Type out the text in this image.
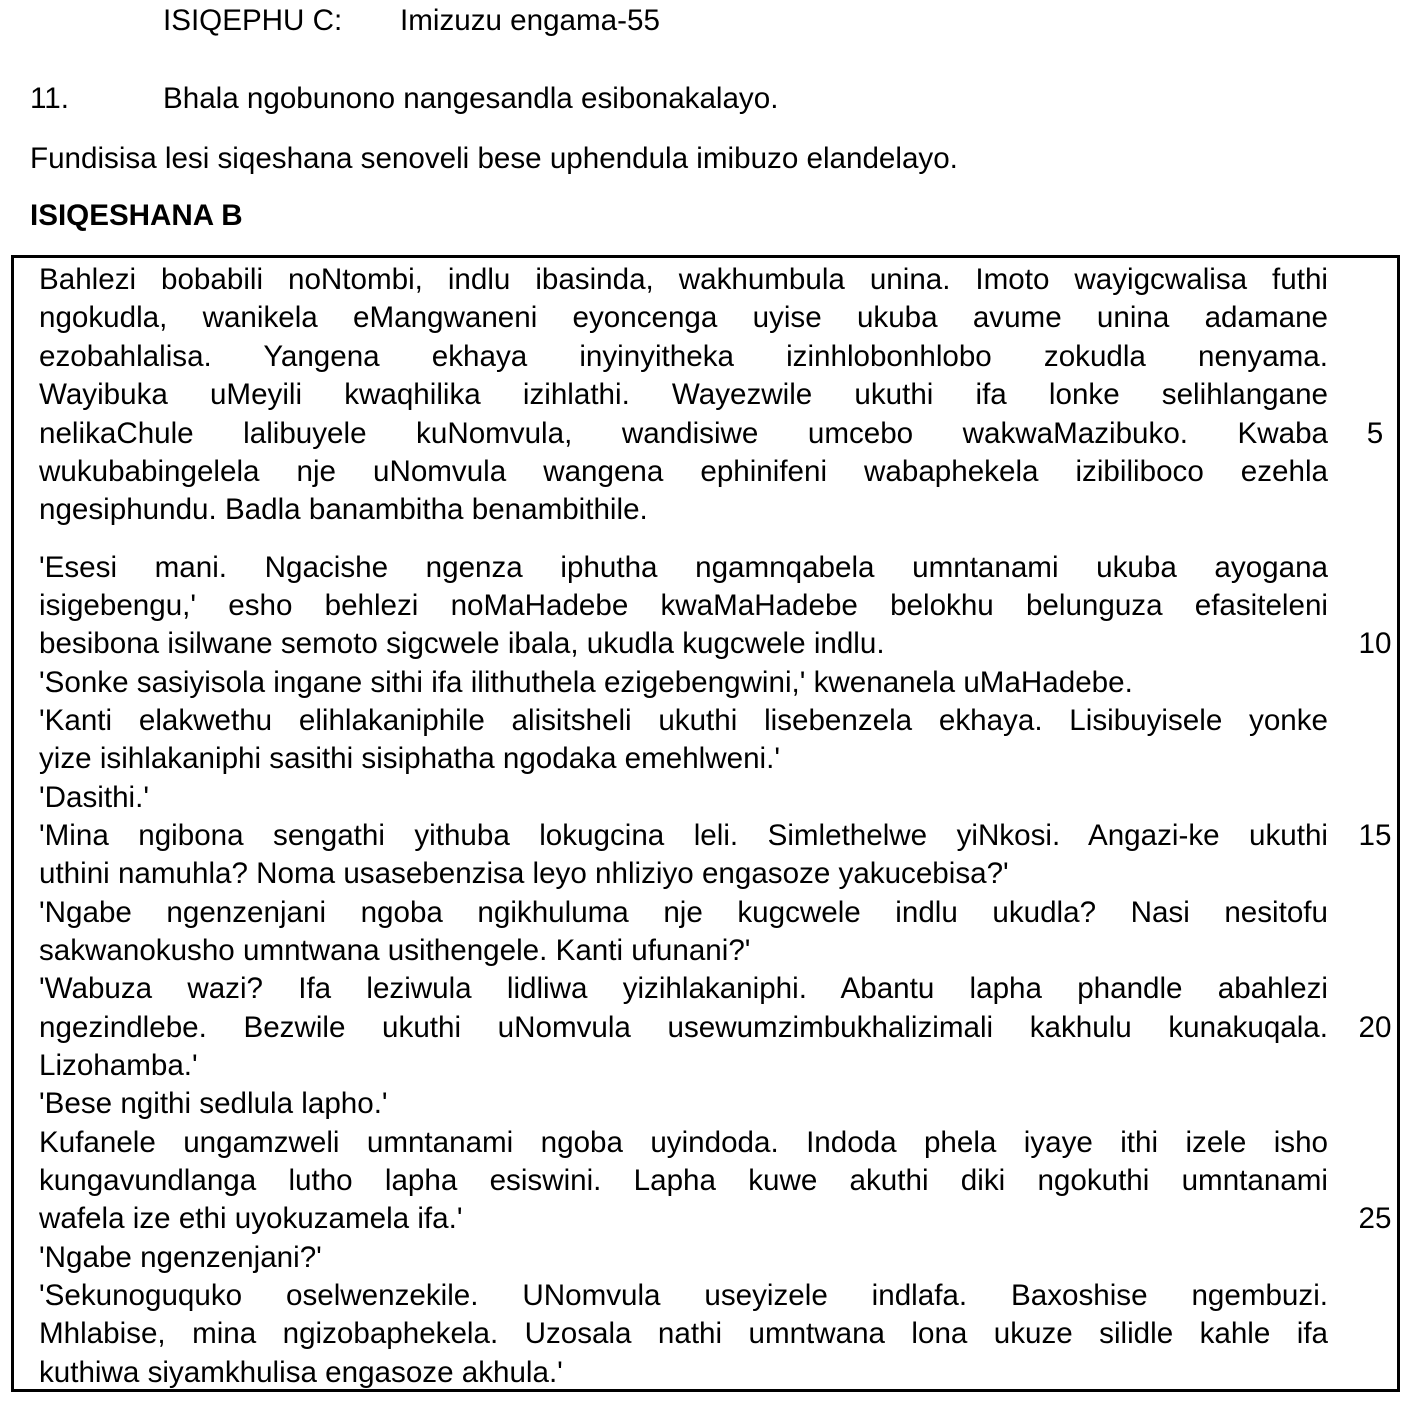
ISIQEPHU C: Imizuzu engama-55
11.	Bhala ngobunono nangesandla esibonakalayo.
Fundisisa lesi siqeshana senoveli bese uphendula imibuzo elandelayo.
ISIQESHANA B
Bahlezi bobabili noNtombi, indlu ibasinda, wakhumbula unina. Imoto wayigcwalisa futhi
ngokudla, wanikela eMangwaneni eyoncenga uyise ukuba avume unina adamane
ezobahlalisa. Yangena ekhaya inyinyitheka izinhlobonhlobo zokudla nenyama.
Wayibuka uMeyili kwaqhilika izihlathi. Wayezwile ukuthi ifa lonke selihlangane
nelikaChule lalibuyele kuNomvula, wandisiwe umcebo wakwaMazibuko. Kwaba
wukubabingelela nje uNomvula wangena ephinifeni wabaphekela izibiliboco ezehla
ngesiphundu. Badla banambitha benambithile.
'Esesi mani. Ngacishe ngenza iphutha ngamnqabela umntanami ukuba ayogana
isigebengu,' esho behlezi noMaHadebe kwaMaHadebe belokhu belunguza efasiteleni
besibona isilwane semoto sigcwele ibala, ukudla kugcwele indlu.
'Sonke sasiyisola ingane sithi ifa ilithuthela ezigebengwini,' kwenanela uMaHadebe.
'Kanti elakwethu elihlakaniphile alisitsheli ukuthi lisebenzela ekhaya. Lisibuyisele yonke
yize isihlakaniphi sasithi sisiphatha ngodaka emehlweni.'
'Dasithi.'
'Mina ngibona sengathi yithuba lokugcina leli. Simlethelwe yiNkosi. Angazi-ke ukuthi
uthini namuhla? Noma usasebenzisa leyo nhliziyo engasoze yakucebisa?'
'Ngabe ngenzenjani ngoba ngikhuluma nje kugcwele indlu ukudla? Nasi nesitofu
sakwanokusho umntwana usithengele. Kanti ufunani?'
'Wabuza wazi? Ifa leziwula lidliwa yizihlakaniphi. Abantu lapha phandle abahlezi
ngezindlebe. Bezwile ukuthi uNomvula usewumzimbukhalizimali kakhulu kunakuqala.
Lizohamba.'
'Bese ngithi sedlula lapho.'
Kufanele ungamzweli umntanami ngoba uyindoda. Indoda phela iyaye ithi izele isho
kungavundlanga lutho lapha esiswini. Lapha kuwe akuthi diki ngokuthi umntanami
wafela ize ethi uyokuzamela ifa.'
'Ngabe ngenzenjani?'
'Sekunoguquko oselwenzekile. UNomvula useyizele indlafa. Baxoshise ngembuzi.
Mhlabise, mina ngizobaphekela. Uzosala nathi umntwana lona ukuze silidle kahle ifa
kuthiwa siyamkhulisa engasoze akhula.'
5
10
15
20
25
